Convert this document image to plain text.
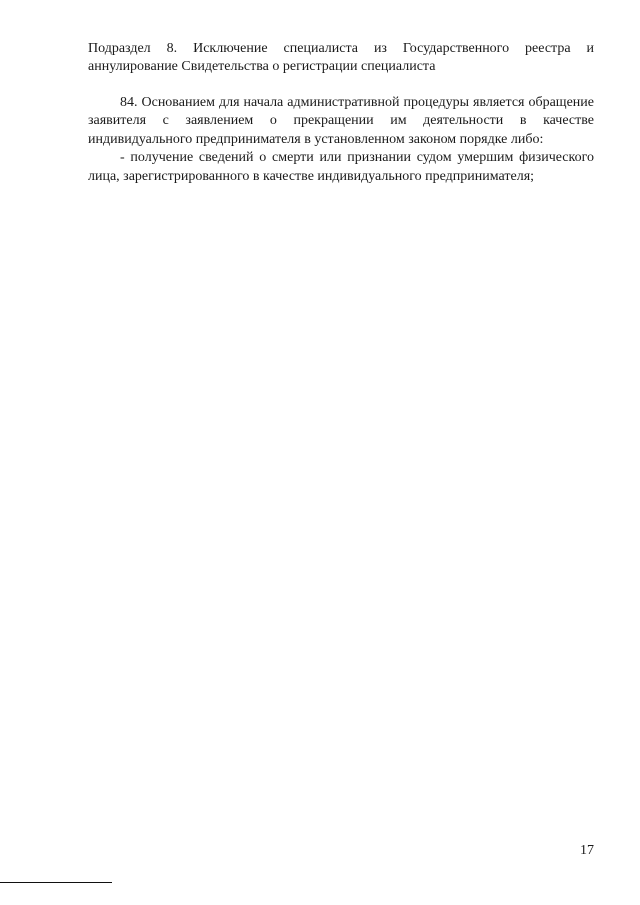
Подраздел 8. Исключение специалиста из Государственного реестра и аннулирование Свидетельства о регистрации специалиста

84. Основанием для начала административной процедуры является обращение заявителя с заявлением о прекращении им деятельности в качестве индивидуального предпринимателя в установленном законом порядке либо:

- получение сведений о смерти или признании судом умершим физического лица, зарегистрированного в качестве индивидуального предпринимателя;

17
